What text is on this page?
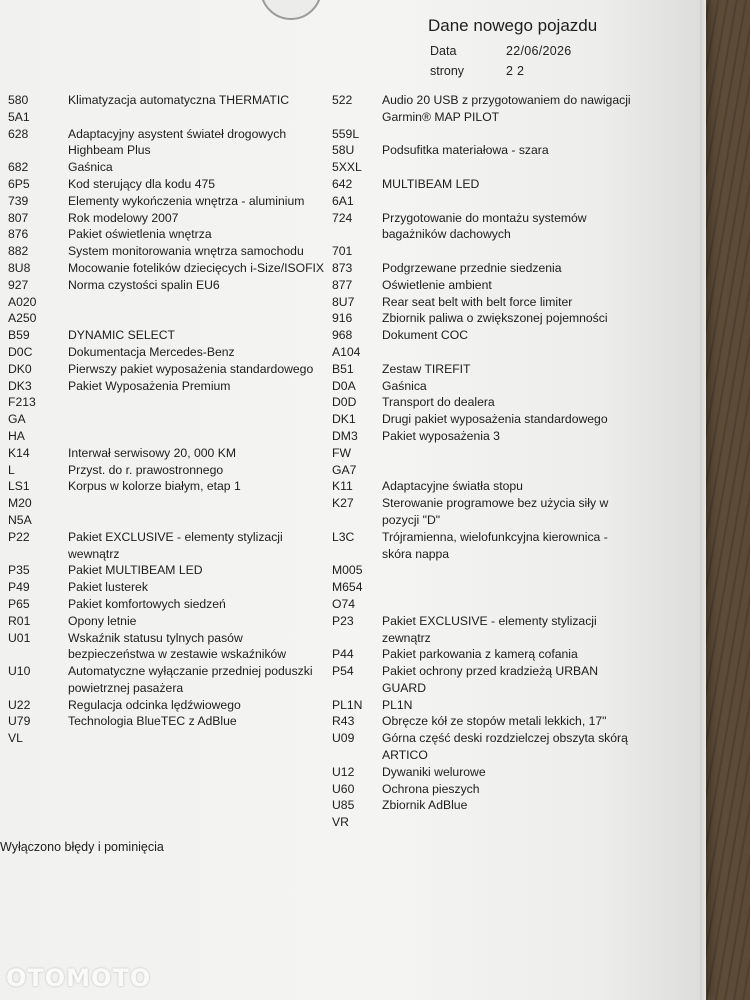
Dane nowego pojazdu
Data	22/06/2026
strony	2 2
580	Klimatyzacja automatyczna THERMATIC
5A1
628	Adaptacyjny asystent świateł drogowych Highbeam Plus
682	Gaśnica
6P5	Kod sterujący dla kodu 475
739	Elementy wykończenia wnętrza - aluminium
807	Rok modelowy 2007
876	Pakiet oświetlenia wnętrza
882	System monitorowania wnętrza samochodu
8U8	Mocowanie fotelików dziecięcych i-Size/ISOFIX
927	Norma czystości spalin EU6
A020
A250
B59	DYNAMIC SELECT
D0C	Dokumentacja Mercedes-Benz
DK0	Pierwszy pakiet wyposażenia standardowego
DK3	Pakiet Wyposażenia Premium
F213
GA
HA
K14	Interwał serwisowy 20, 000 KM
L	Przyst. do r. prawostronnego
LS1	Korpus w kolorze białym, etap 1
M20
N5A
P22	Pakiet EXCLUSIVE - elementy stylizacji wewnątrz
P35	Pakiet MULTIBEAM LED
P49	Pakiet lusterek
P65	Pakiet komfortowych siedzeń
R01	Opony letnie
U01	Wskaźnik statusu tylnych pasów bezpieczeństwa w zestawie wskaźników
U10	Automatyczne wyłączanie przedniej poduszki powietrznej pasażera
U22	Regulacja odcinka lędźwiowego
U79	Technologia BlueTEC z AdBlue
VL
522	Audio 20 USB z przygotowaniem do nawigacji Garmin® MAP PILOT
559L
58U	Podsufitka materiałowa - szara
5XXL
642	MULTIBEAM LED
6A1
724	Przygotowanie do montażu systemów bagażników dachowych
701
873	Podgrzewane przednie siedzenia
877	Oświetlenie ambient
8U7	Rear seat belt with belt force limiter
916	Zbiornik paliwa o zwiększonej pojemności
968	Dokument COC
A104
B51	Zestaw TIREFIT
D0A	Gaśnica
D0D	Transport do dealera
DK1	Drugi pakiet wyposażenia standardowego
DM3	Pakiet wyposażenia 3
FW
GA7
K11	Adaptacyjne światła stopu
K27	Sterowanie programowe bez użycia siły w pozycji "D"
L3C	Trójramienna, wielofunkcyjna kierownica - skóra nappa
M005
M654
O74
P23	Pakiet EXCLUSIVE - elementy stylizacji zewnątrz
P44	Pakiet parkowania z kamerą cofania
P54	Pakiet ochrony przed kradzieżą URBAN GUARD
PL1N	PL1N
R43	Obręcze kół ze stopów metali lekkich, 17"
U09	Górna część deski rozdzielczej obszyta skórą ARTICO
U12	Dywaniki welurowe
U60	Ochrona pieszych
U85	Zbiornik AdBlue
VR
Wyłączono błędy i pominięcia
OTOMOTO
